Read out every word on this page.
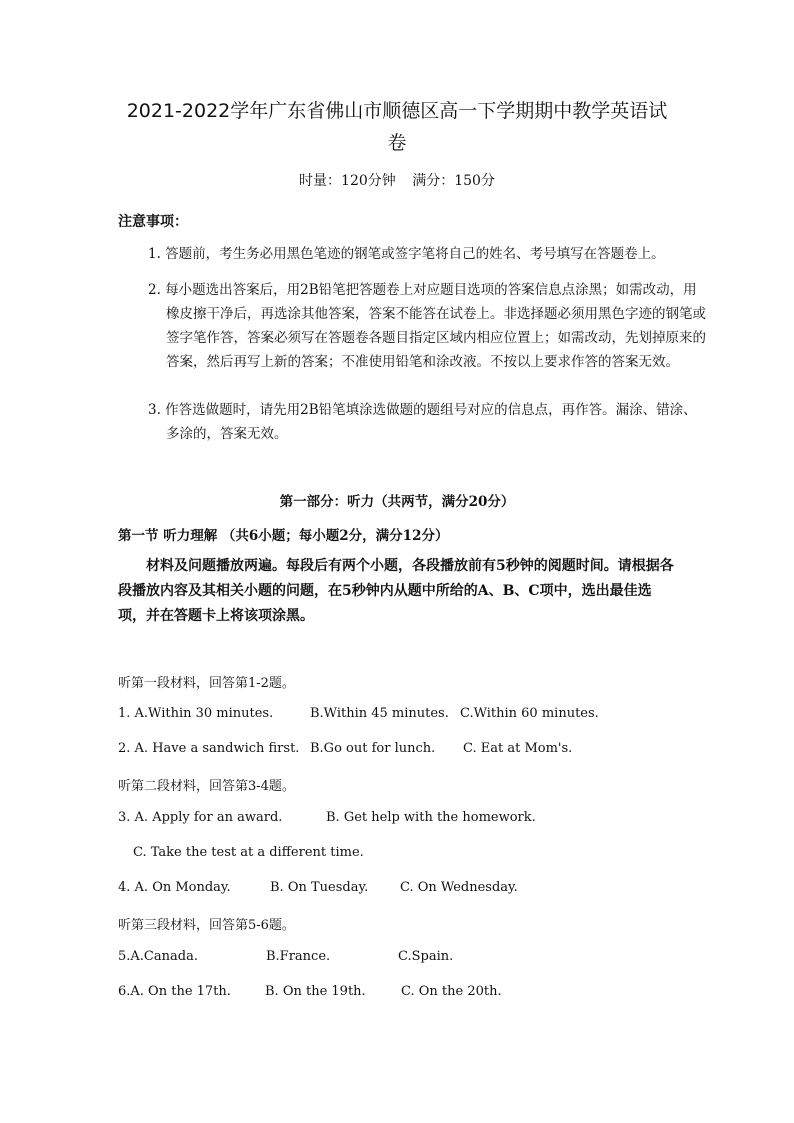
2021-2022学年广东省佛山市顺德区高一下学期期中教学英语试
卷
时量：120分钟 满分：150分
注意事项：
1. 答题前，考生务必用黑色笔迹的钢笔或签字笔将自己的姓名、考号填写在答题卷上。
2. 每小题选出答案后，用2B铅笔把答题卷上对应题目选项的答案信息点涂黑；如需改动，用橡皮擦干净后，再选涂其他答案，答案不能答在试卷上。非选择题必须用黑色字迹的钢笔或签字笔作答，答案必须写在答题卷各题目指定区域内相应位置上；如需改动，先划掉原来的答案，然后再写上新的答案；不准使用铅笔和涂改液。不按以上要求作答的答案无效。
3. 作答选做题时，请先用2B铅笔填涂选做题的题组号对应的信息点，再作答。漏涂、错涂、多涂的，答案无效。
第一部分：听力（共两节，满分20分）
第一节 听力理解 （共6小题；每小题2分，满分12分）
材料及问题播放两遍。每段后有两个小题，各段播放前有5秒钟的阅题时间。请根据各段播放内容及其相关小题的问题，在5秒钟内从题中所给的A、B、C项中，选出最佳选项，并在答题卡上将该项涂黑。
听第一段材料，回答第1-2题。
1. A.Within 30 minutes.	B.Within 45 minutes. C.Within 60 minutes.
2. A. Have a sandwich first. B.Go out for lunch. C. Eat at Mom's.
听第二段材料，回答第3-4题。
3. A. Apply for an award.	B. Get help with the homework.
C. Take the test at a different time.
4. A. On Monday.	B. On Tuesday. C. On Wednesday.
听第三段材料，回答第5-6题。
5.A.Canada.	B.France.	C.Spain.
6.A. On the 17th.	B. On the 19th.	C. On the 20th.
